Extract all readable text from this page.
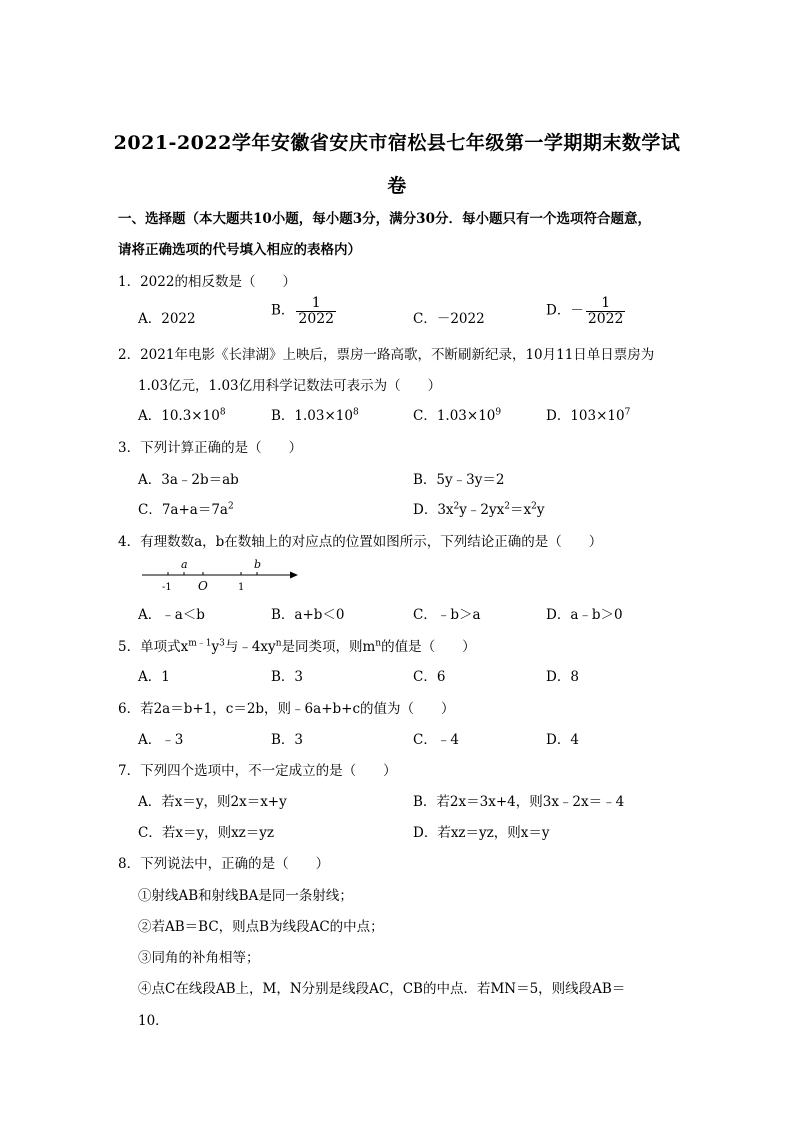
2021-2022学年安徽省安庆市宿松县七年级第一学期期末数学试
卷
一、选择题（本大题共10小题，每小题3分，满分30分．每小题只有一个选项符合题意，
请将正确选项的代号填入相应的表格内）
1．2022的相反数是（　　）
A．2022
B． $\frac{1}{2022}$	C．－2022
D．－ $\frac{1}{2022}$
2．2021年电影《长津湖》上映后，票房一路高歌，不断刷新纪录，10月11日单日票房为
1.03亿元，1.03亿用科学记数法可表示为（　　）
A．$10.3\times 10^8$	B．$1.03\times 10^8$	C．$1.03\times 10^9$	D．$103\times 10^7$
3．下列计算正确的是（　　）
A．3a﹣2b＝ab	B．5y﹣3y＝2
C．$7a+a=7a^2$	D．$3x^2y﹣2yx^2=x^2y$
4．有理数数a，b在数轴上的对应点的位置如图所示，下列结论正确的是（　　）
a	b
-1 O	1
A．﹣a＜b	B．a+b＜0	C．﹣b＞a	D．a﹣b＞0
5．单项式$x^{m﹣1}y^3$与$﹣4xy^n$是同类项，则$m^n$的值是（　　）
A．1	B．3	C．6	D．8
6．若2a＝b+1，c＝2b，则﹣6a+b+c的值为（　　）
A．﹣3	B．3	C．﹣4	D．4
7．下列四个选项中，不一定成立的是（　　）
A．若x＝y，则2x＝x+y	B．若2x＝3x+4，则3x﹣2x＝﹣4
C．若x＝y，则xz＝yz	D．若xz＝yz，则x＝y
8．下列说法中，正确的是（　　）
①射线AB和射线BA是同一条射线；
②若AB＝BC，则点B为线段AC的中点；
③同角的补角相等；
④点C在线段AB上，M，N分别是线段AC，CB的中点．若MN＝5，则线段AB＝
10．
